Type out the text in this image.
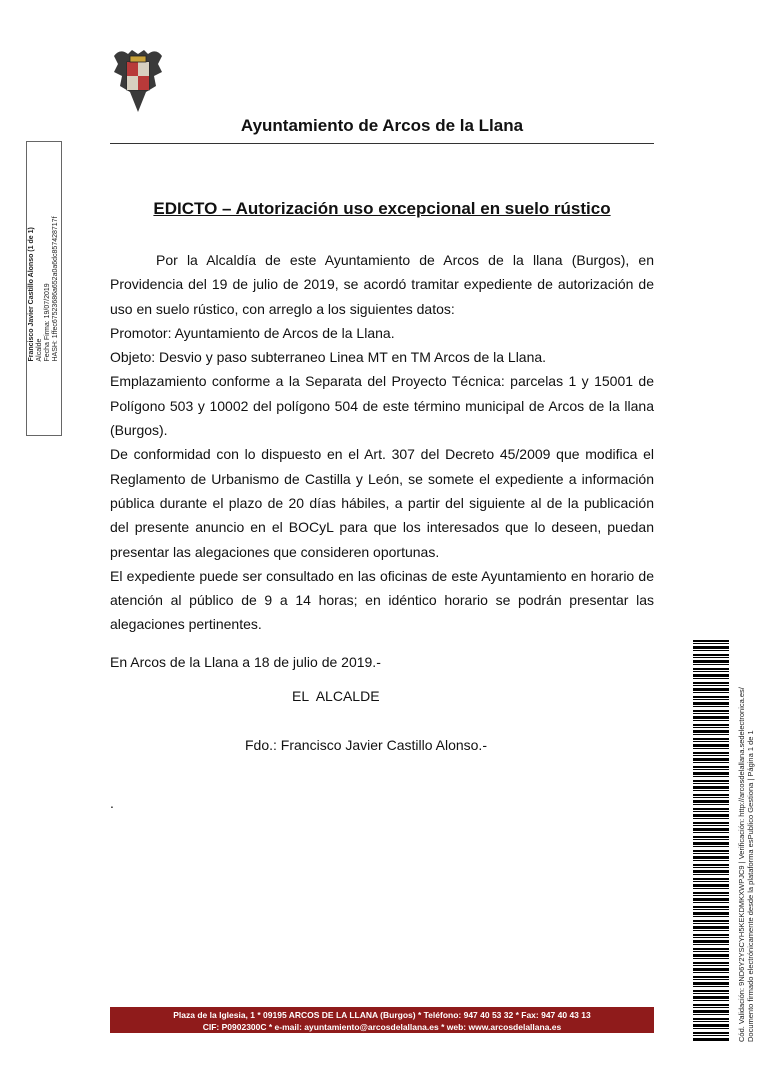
Ayuntamiento de Arcos de la Llana
Francisco Javier Castillo Alonso (1 de 1) Alcalde Fecha Firma: 19/07/2019 HASH: 1ffec67523686a652a0a6dc857428717f
EDICTO – Autorización uso excepcional en suelo rústico

Por la Alcaldía de este Ayuntamiento de Arcos de la llana (Burgos), en Providencia del 19 de julio de 2019, se acordó tramitar expediente de autorización de uso en suelo rústico, con arreglo a los siguientes datos:

Promotor: Ayuntamiento de Arcos de la Llana.

Objeto: Desvio y paso subterraneo Linea MT en TM Arcos de la Llana.

Emplazamiento conforme a la Separata del Proyecto Técnica: parcelas 1 y 15001 de Polígono 503 y 10002 del polígono 504 de este término municipal de Arcos de la llana (Burgos).

De conformidad con lo dispuesto en el Art. 307 del Decreto 45/2009 que modifica el Reglamento de Urbanismo de Castilla y León, se somete el expediente a información pública durante el plazo de 20 días hábiles, a partir del siguiente al de la publicación del presente anuncio en el BOCyL para que los interesados que lo deseen, puedan presentar las alegaciones que consideren oportunas.

El expediente puede ser consultado en las oficinas de este Ayuntamiento en horario de atención al público de 9 a 14 horas; en idéntico horario se podrán presentar las alegaciones pertinentes.

En Arcos de la Llana a 18 de julio de 2019.-
EL ALCALDE
Fdo.: Francisco Javier Castillo Alonso.-
.
Plaza de la Iglesia, 1 * 09195 ARCOS DE LA LLANA (Burgos) * Teléfono: 947 40 53 32 * Fax: 947 40 43 13
CIF: P0902300C * e-mail: ayuntamiento@arcosdelallana.es * web: www.arcosdelallana.es	Cód. Validación: 9ND6Y2YSCYH5KEKDMKXWPJC9 | Verificación: http://arcosdelallana.sedelectronica.es/ Documento firmado electrónicamente desde la plataforma esPublico Gestiona | Página 1 de 1
